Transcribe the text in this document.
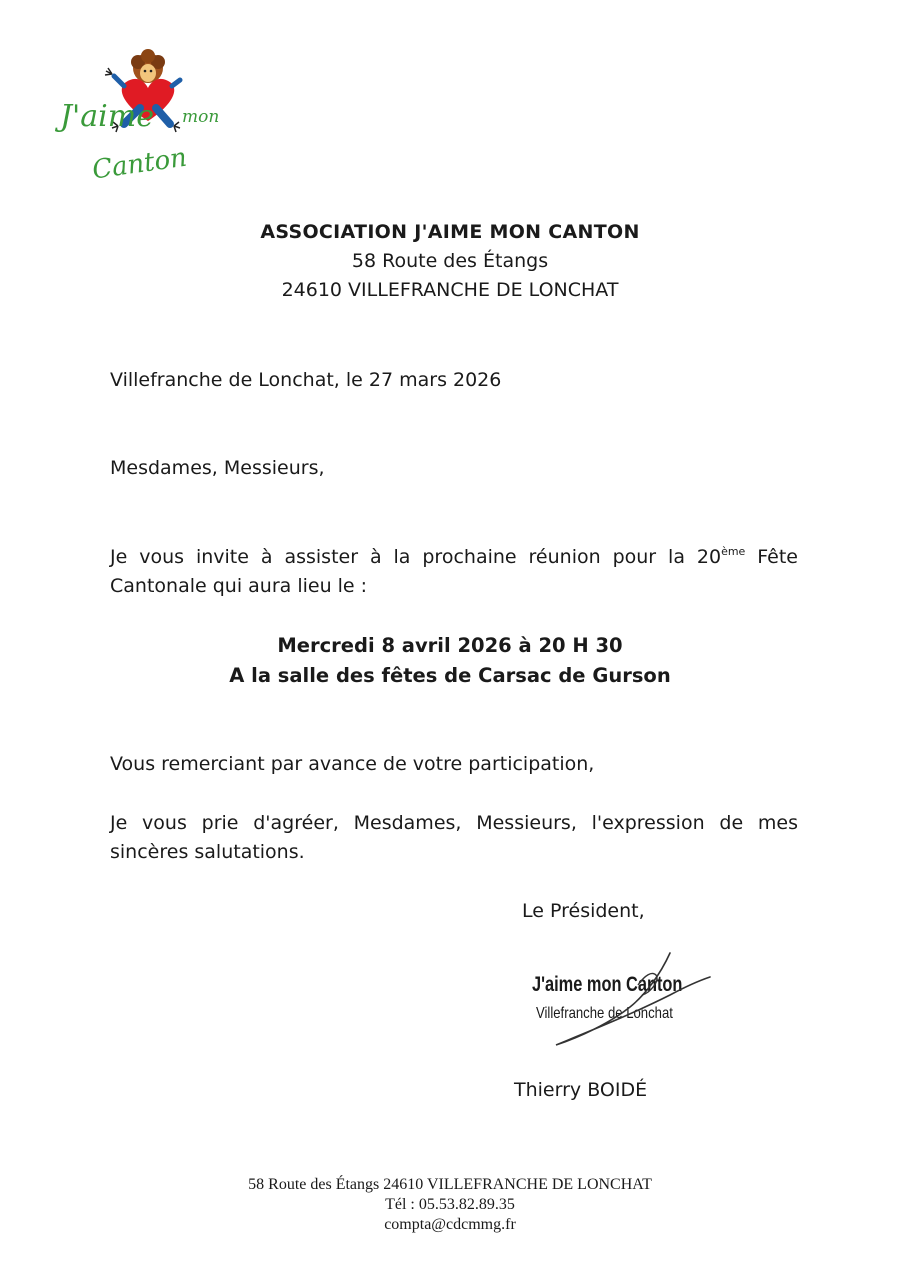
J'aime mon
Canton
ASSOCIATION J'AIME MON CANTON
58 Route des Étangs
24610 VILLEFRANCHE DE LONCHAT
Villefranche de Lonchat, le 27 mars 2026
Mesdames, Messieurs,
Je vous invite à assister à la prochaine réunion pour la 20ème Fête Cantonale qui aura lieu le :
Mercredi 8 avril 2026 à 20 H 30
A la salle des fêtes de Carsac de Gurson
Vous remerciant par avance de votre participation,
Je vous prie d'agréer, Mesdames, Messieurs, l'expression de mes sincères salutations.
Le Président,
J'aime mon Canton
Villefranche de Lonchat
Thierry BOIDÉ
58 Route des Étangs 24610 VILLEFRANCHE DE LONCHAT
Tél : 05.53.82.89.35
compta@cdcmmg.fr
